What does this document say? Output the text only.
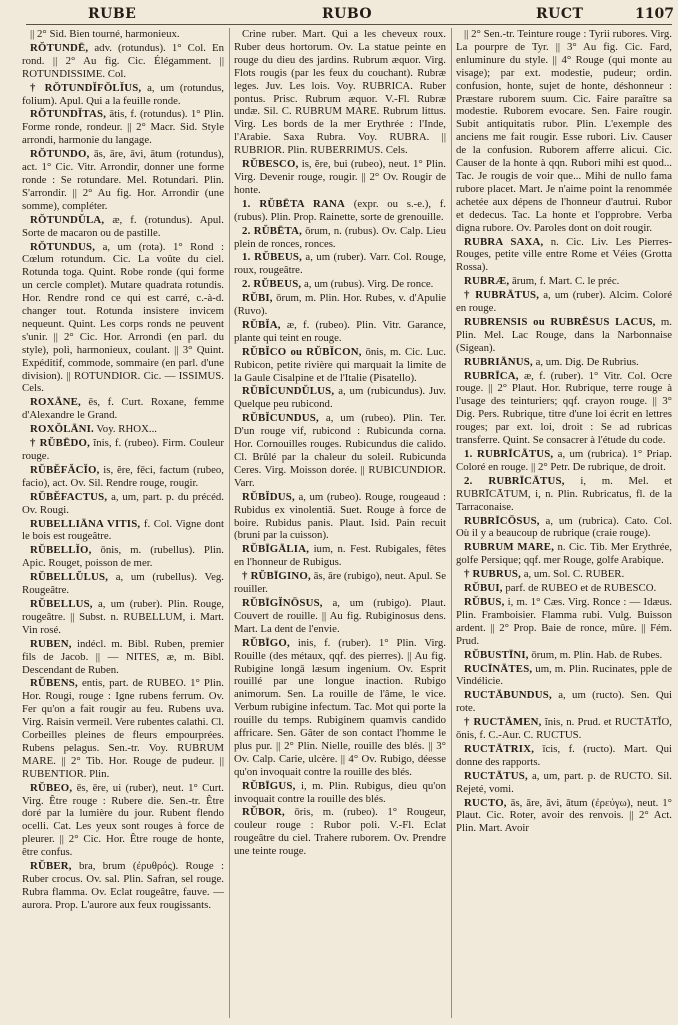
RUBE	RUBO	RUCT	1107

|| 2° Sid. Bien tourné, harmonieux.

RŎTUNDĒ, adv. (rotundus). 1° Col. En rond. || 2° Au fig. Cic. Élégamment. || ROTUNDISSIME. Col.

† RŎTUNDĬFŎLĬUS, a, um (rotundus, folium). Apul. Qui a la feuille ronde.

RŎTUNDĬTAS, ātis, f. (rotundus). 1° Plin. Forme ronde, rondeur. || 2° Macr. Sid. Style arrondi, harmonie du langage.

RŎTUNDO, ās, āre, āvi, ātum (rotundus), act. 1° Cic. Vitr. Arrondir, donner une forme ronde : Se rotundare. Mel. Rotundari. Plin. S'arrondir. || 2° Au fig. Hor. Arrondir (une somme), compléter.

RŎTUNDŬLA, æ, f. (rotundus). Apul. Sorte de macaron ou de pastille.

RŎTUNDUS, a, um (rota). 1° Rond : Cœlum rotundum. Cic. La voûte du ciel. Rotunda toga. Quint. Robe ronde (qui forme un cercle complet). Mutare quadrata rotundis. Hor. Rendre rond ce qui est carré, c.-à-d. changer tout. Rotunda insistere invicem nequeunt. Quint. Les corps ronds ne peuvent s'unir. || 2° Cic. Hor. Arrondi (en parl. du style), poli, harmonieux, coulant. || 3° Quint. Expéditif, commode, sommaire (en parl. d'une division). || ROTUNDIOR. Cic. — ISSIMUS. Cels.

ROXĀNE, ēs, f. Curt. Roxane, femme d'Alexandre le Grand.

ROXŎLĀNI. Voy. RHOX...

† RŬBĒDO, ĭnis, f. (rubeo). Firm. Couleur rouge.

RŬBĔFĂCĬO, is, ĕre, fēci, factum (rubeo, facio), act. Ov. Sil. Rendre rouge, rougir.

RŬBĔFACTUS, a, um, part. p. du précéd. Ov. Rougi.

RUBELLIĀNA VITIS, f. Col. Vigne dont le bois est rougeâtre.

RŬBELLĬO, ōnis, m. (rubellus). Plin. Apic. Rouget, poisson de mer.

RŬBELLŬLUS, a, um (rubellus). Veg. Rougeâtre.

RŬBELLUS, a, um (ruber). Plin. Rouge, rougeâtre. || Subst. n. RUBELLUM, i. Mart. Vin rosé.

RUBEN, indécl. m. Bibl. Ruben, premier fils de Jacob. || — NITES, æ, m. Bibl. Descendant de Ruben.

RŬBENS, entis, part. de RUBEO. 1° Plin. Hor. Rougi, rouge : Igne rubens ferrum. Ov. Fer qu'on a fait rougir au feu. Rubens uva. Virg. Raisin vermeil. Vere rubentes calathi. Cl. Corbeilles pleines de fleurs empourprées. Rubens pelagus. Sen.-tr. Voy. RUBRUM MARE. || 2° Tib. Hor. Rouge de pudeur. || RUBENTIOR. Plin.

RŬBEO, ēs, ēre, ui (ruber), neut. 1° Curt. Virg. Être rouge : Rubere die. Sen.-tr. Être doré par la lumière du jour. Rubent flendo ocelli. Cat. Les yeux sont rouges à force de pleurer. || 2° Cic. Hor. Être rouge de honte, être confus.

RŬBER, bra, brum (ἐρυθρός). Rouge : Ruber crocus. Ov. sal. Plin. Safran, sel rouge. Rubra flamma. Ov. Eclat rougeâtre, fauve. — aurora. Prop. L'aurore aux feux rougissants.

Crine ruber. Mart. Qui a les cheveux roux. Ruber deus hortorum. Ov. La statue peinte en rouge du dieu des jardins. Rubrum æquor. Virg. Flots rougis (par les feux du couchant). Rubræ leges. Juv. Les lois. Voy. RUBRICA. Ruber pontus. Prisc. Rubrum æquor. V.-Fl. Rubræ undæ. Sil. C. RUBRUM MARE. Rubrum littus. Virg. Les bords de la mer Erythrée : l'Inde, l'Arabie. Saxa Rubra. Voy. RUBRA. || RUBRIOR. Plin. RUBERRIMUS. Cels.

RŬBESCO, is, ĕre, bui (rubeo), neut. 1° Plin. Virg. Devenir rouge, rougir. || 2° Ov. Rougir de honte.

1. RŬBĒTA RANA (expr. ou s.-e.), f. (rubus). Plin. Prop. Rainette, sorte de grenouille.

2. RŬBĒTA, ōrum, n. (rubus). Ov. Calp. Lieu plein de ronces, ronces.

1. RŬBEUS, a, um (ruber). Varr. Col. Rouge, roux, rougeâtre.

2. RŬBEUS, a, um (rubus). Virg. De ronce.

RŬBI, ōrum, m. Plin. Hor. Rubes, v. d'Apulie (Ruvo).

RŬBĬA, æ, f. (rubeo). Plin. Vitr. Garance, plante qui teint en rouge.

RŬBĬCO ou RŬBĬCON, ōnis, m. Cic. Luc. Rubicon, petite rivière qui marquait la limite de la Gaule Cisalpine et de l'Italie (Pisatello).

RŬBĬCUNDŬLUS, a, um (rubicundus). Juv. Quelque peu rubicond.

RŬBĬCUNDUS, a, um (rubeo). Plin. Ter. D'un rouge vif, rubicond : Rubicunda corna. Hor. Cornouilles rouges. Rubicundus die calido. Cl. Brûlé par la chaleur du soleil. Rubicunda Ceres. Virg. Moisson dorée. || RUBICUNDIOR. Varr.

RŬBĬDUS, a, um (rubeo). Rouge, rougeaud : Rubidus ex vinolentiā. Suet. Rouge à force de boire. Rubidus panis. Plaut. Isid. Pain recuit (bruni par la cuisson).

RŬBĪGĀLIA, ium, n. Fest. Rubigales, fêtes en l'honneur de Rubigus.

† RŬBĪGINO, ās, āre (rubigo), neut. Apul. Se rouiller.

RŬBĪGĬNŌSUS, a, um (rubigo). Plaut. Couvert de rouille. || Au fig. Rubiginosus dens. Mart. La dent de l'envie.

RŬBĪGO, inis, f. (ruber). 1° Plin. Virg. Rouille (des métaux, qqf. des pierres). || Au fig. Rubigine longā læsum ingenium. Ov. Esprit rouillé par une longue inaction. Rubigo animorum. Sen. La rouille de l'âme, le vice. Verbum rubigine infectum. Tac. Mot qui porte la rouille du temps. Rubiginem quamvis candido affricare. Sen. Gâter de son contact l'homme le plus pur. || 2° Plin. Nielle, rouille des blés. || 3° Ov. Calp. Carie, ulcère. || 4° Ov. Rubigo, déesse qu'on invoquait contre la rouille des blés.

RŬBĪGUS, i, m. Plin. Rubigus, dieu qu'on invoquait contre la rouille des blés.

RŬBOR, ōris, m. (rubeo). 1° Rougeur, couleur rouge : Rubor poli. V.-Fl. Eclat rougeâtre du ciel. Trahere ruborem. Ov. Prendre une teinte rouge.

|| 2° Sen.-tr. Teinture rouge : Tyrii rubores. Virg. La pourpre de Tyr. || 3° Au fig. Cic. Fard, enluminure du style. || 4° Rouge (qui monte au visage); par ext. modestie, pudeur; ordin. confusion, honte, sujet de honte, déshonneur : Præstare ruborem suum. Cic. Faire paraître sa modestie. Ruborem evocare. Sen. Faire rougir. Subit antiquitatis rubor. Plin. L'exemple des anciens me fait rougir. Esse rubori. Liv. Causer de la confusion. Ruborem afferre alicui. Cic. Causer de la honte à qqn. Rubori mihi est quod... Tac. Je rougis de voir que... Mihi de nullo fama rubore placet. Mart. Je n'aime point la renommée achetée aux dépens de l'honneur d'autrui. Rubor et dedecus. Tac. La honte et l'opprobre. Verba digna rubore. Ov. Paroles dont on doit rougir.

RUBRA SAXA, n. Cic. Liv. Les Pierres-Rouges, petite ville entre Rome et Véies (Grotta Rossa).

RUBRÆ, ārum, f. Mart. C. le préc.

† RUBRĀTUS, a, um (ruber). Alcim. Coloré en rouge.

RUBRENSIS ou RUBRĒSUS LACUS, m. Plin. Mel. Lac Rouge, dans la Narbonnaise (Sigean).

RUBRIĀNUS, a, um. Dig. De Rubrius.

RUBRĪCA, æ, f. (ruber). 1° Vitr. Col. Ocre rouge. || 2° Plaut. Hor. Rubrique, terre rouge à l'usage des teinturiers; qqf. crayon rouge. || 3° Dig. Pers. Rubrique, titre d'une loi écrit en lettres rouges; par ext. loi, droit : Se ad rubricas transferre. Quint. Se consacrer à l'étude du code.

1. RUBRĪCĀTUS, a, um (rubrica). 1° Priap. Coloré en rouge. || 2° Petr. De rubrique, de droit.

2. RUBRĪCĀTUS, i, m. Mel. et RUBRĪCĀTUM, i, n. Plin. Rubricatus, fl. de la Tarraconaise.

RUBRĪCŌSUS, a, um (rubrica). Cato. Col. Où il y a beaucoup de rubrique (craie rouge).

RUBRUM MARE, n. Cic. Tib. Mer Erythrée, golfe Persique; qqf. mer Rouge, golfe Arabique.

† RUBRUS, a, um. Sol. C. RUBER.

RŬBUI, parf. de RUBEO et de RUBESCO.

RŬBUS, i, m. 1° Cæs. Virg. Ronce : — Idæus. Plin. Framboisier. Flamma rubi. Vulg. Buisson ardent. || 2° Prop. Baie de ronce, mûre. || Fém. Prud.

RŬBUSTĪNI, ōrum, m. Plin. Hab. de Rubes.

RUCĪNĀTES, um, m. Plin. Rucinates, pple de Vindélicie.

RUCTĀBUNDUS, a, um (ructo). Sen. Qui rote.

† RUCTĀMEN, ĭnis, n. Prud. et RUCTĀTĬO, ōnis, f. C.-Aur. C. RUCTUS.

RUCTĀTRIX, īcis, f. (ructo). Mart. Qui donne des rapports.

RUCTĀTUS, a, um, part. p. de RUCTO. Sil. Rejeté, vomi.

RUCTO, ās, āre, āvi, ātum (ἐρεύγω), neut. 1° Plaut. Cic. Roter, avoir des renvois. || 2° Act. Plin. Mart. Avoir
